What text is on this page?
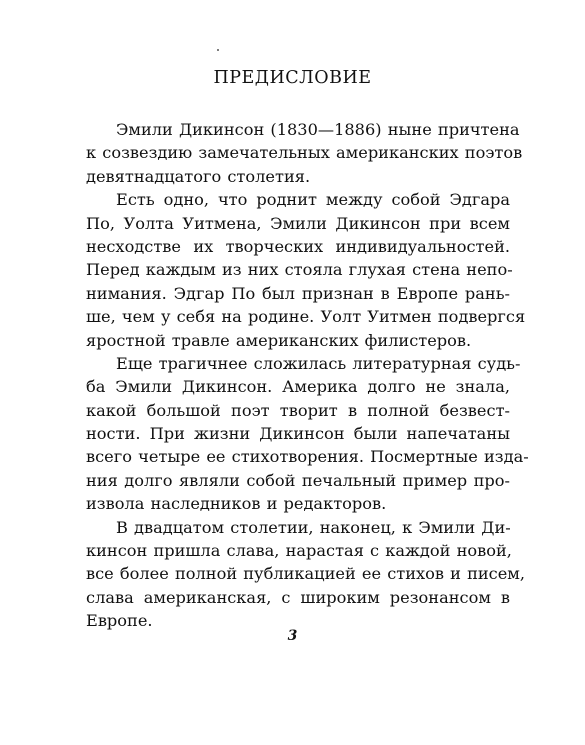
ПРЕДИСЛОВИЕ
Эмили Дикинсон (1830—1886) ныне причтена
к созвездию замечательных американских поэтов
девятнадцатого столетия.
Есть одно, что роднит между собой Эдгара
По, Уолта Уитмена, Эмили Дикинсон при всем
несходстве их творческих индивидуальностей.
Перед каждым из них стояла глухая стена непо-
нимания. Эдгар По был признан в Европе рань-
ше, чем у себя на родине. Уолт Уитмен подвергся
яростной травле американских филистеров.
Еще трагичнее сложилась литературная судь-
ба Эмили Дикинсон. Америка долго не знала,
какой большой поэт творит в полной безвест-
ности. При жизни Дикинсон были напечатаны
всего четыре ее стихотворения. Посмертные изда-
ния долго являли собой печальный пример про-
извола наследников и редакторов.
В двадцатом столетии, наконец, к Эмили Ди-
кинсон пришла слава, нарастая с каждой новой,
все более полной публикацией ее стихов и писем,
слава американская, с широким резонансом в
Европе.
3
